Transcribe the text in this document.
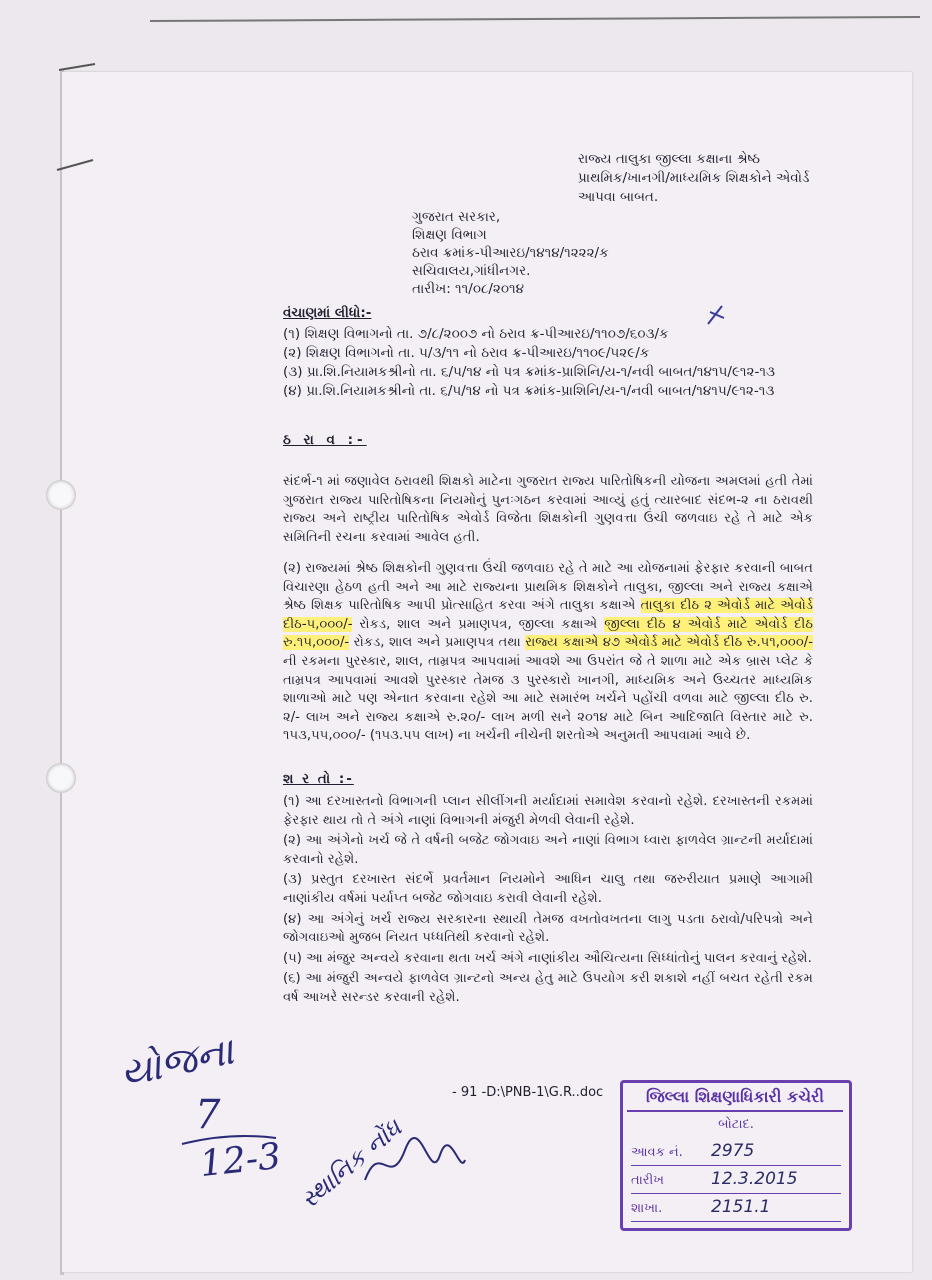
રાજ્ય તાલુકા જીલ્લા કક્ષાના શ્રેષ્ઠ
પ્રાથમિક/ખાનગી/માધ્યમિક શિક્ષકોને એવોર્ડ
આપવા બાબત.
ગુજરાત સરકાર,
શિક્ષણ વિભાગ
ઠરાવ ક્રમાંક-પીઆરઇ/૧૪૧૪/૧૨૨૨/ક
સચિવાલય,ગાંધીનગર.
તારીખ: ૧૧/૦૮/૨૦૧૪
વંચાણમાં લીધો:-
(૧) શિક્ષણ વિભાગનો તા. ૭/૮/૨૦૦૭ નો ઠરાવ ક્ર-પીઆરઇ/૧૧૦૭/૬૦૩/ક
(૨) શિક્ષણ વિભાગનો તા. ૫/૩/૧૧ નો ઠરાવ ક્ર-પીઆરઇ/૧૧૦૯/૫૨૯/ક
(૩) પ્રા.શિ.નિયામકશ્રીનો તા. ૬/૫/૧૪ નો પત્ર ક્રમાંક-પ્રાશિનિ/ય-૧/નવી બાબત/૧૪૧૫/૯૧૨-૧૩
(૪) પ્રા.શિ.નિયામકશ્રીનો તા. ૬/૫/૧૪ નો પત્ર ક્રમાંક-પ્રાશિનિ/ય-૧/નવી બાબત/૧૪૧૫/૯૧૨-૧૩
ઠ રા વ :-
સંદર્ભ-૧ માં જણાવેલ ઠરાવથી શિક્ષકો માટેના ગુજરાત રાજ્ય પારિતોષિકની યોજના અમલમાં હતી તેમાં ગુજરાત રાજ્ય પારિતોષિકના નિયમોનું પુનઃગઠન કરવામાં આવ્યું હતું ત્યારબાદ સંદભ-૨ ના ઠરાવથી રાજ્ય અને રાષ્ટ્રીય પારિતોષિક એવોર્ડ વિજેતા શિક્ષકોની ગુણવત્તા ઉંચી જળવાઇ રહે તે માટે એક સમિતિની રચના કરવામાં આવેલ હતી.
(૨) રાજ્યમાં શ્રેષ્ઠ શિક્ષકોની ગુણવત્તા ઉંચી જળવાઇ રહે તે માટે આ યોજનામાં ફેરફાર કરવાની બાબત વિચારણા હેઠળ હતી અને આ માટે રાજ્યના પ્રાથમિક શિક્ષકોને તાલુકા, જીલ્લા અને રાજ્ય કક્ષાએ શ્રેષ્ઠ શિક્ષક પારિતોષિક આપી પ્રોત્સાહિત કરવા અંગે તાલુકા કક્ષાએ તાલુકા દીઠ ૨ એવોર્ડ માટે એવોર્ડ દીઠ-૫,૦૦૦/- રોકડ, શાલ અને પ્રમાણપત્ર, જીલ્લા કક્ષાએ જીલ્લા દીઠ ૪ એવોર્ડ માટે એવોર્ડ દીઠ રુ.૧૫,૦૦૦/- રોકડ, શાલ અને પ્રમાણપત્ર તથા રાજ્ય કક્ષાએ ૪૭ એવોર્ડ માટે એવોર્ડ દીઠ રુ.૫૧,૦૦૦/- ની રકમના પુરસ્કાર, શાલ, તામ્રપત્ર આપવામાં આવશે આ ઉપરાંત જે તે શાળા માટે એક બ્રાસ પ્લેટ કે તામ્રપત્ર આપવામાં આવશે પુરસ્કાર તેમજ ૩ પુરસ્કારો ખાનગી, માધ્યમિક અને ઉચ્ચતર માધ્યમિક શાળાઓ માટે પણ એનાત કરવાના રહેશે આ માટે સમારંભ ખર્ચને પહોંચી વળવા માટે જીલ્લા દીઠ રુ. ૨/- લાખ અને રાજ્ય કક્ષાએ રુ.૨૦/- લાખ મળી સને ૨૦૧૪ માટે બિન આદિજાતિ વિસ્તાર માટે રુ. ૧૫૩,૫૫,૦૦૦/- (૧૫૩.૫૫ લાખ) ના ખર્ચની નીચેની શરતોએ અનુમતી આપવામાં આવે છે.
શ ર તો :-

(૧) આ દરખાસ્તનો વિભાગની પ્લાન સીલીંગની મર્યાદામાં સમાવેશ કરવાનો રહેશે. દરખાસ્તની રકમમાં ફેરફાર થાય તો તે અંગે નાણાં વિભાગની મંજુરી મેળવી લેવાની રહેશે.

(૨) આ અંગેનો ખર્ચ જે તે વર્ષની બજેટ જોગવાઇ અને નાણાં વિભાગ ધ્વારા ફાળવેલ ગ્રાન્ટની મર્યાદામાં કરવાનો રહેશે.

(૩) પ્રસ્તુત દરખાસ્ત સંદર્ભે પ્રવર્તમાન નિયમોને આધિન ચાલુ તથા જરુરીયાત પ્રમાણે આગામી નાણાંકીય વર્ષમાં પર્યાપ્ત બજેટ જોગવાઇ કરાવી લેવાની રહેશે.

(૪) આ અંગેનું ખર્ચ રાજ્ય સરકારના સ્થાયી તેમજ વખતોવખતના લાગુ પડતા ઠરાવો/પરિપત્રો અને જોગવાઇઓ મુજબ નિયત પધ્ધતિથી કરવાનો રહેશે.

(૫) આ મંજુર અન્વયે કરવાના થતા ખર્ચ અંગે નાણાંકીય ઔચિત્યના સિધ્ધાંતોનું પાલન કરવાનું રહેશે.

(૬) આ મંજુરી અન્વયે ફાળવેલ ગ્રાન્ટનો અન્ય હેતુ માટે ઉપયોગ કરી શકાશે નહીં બચત રહેતી રકમ વર્ષ આખરે સરન્ડર કરવાની રહેશે.

- 91 -D:\PNB-1\G.R..doc	જિલ્લા શિક્ષણાધિકારી કચેરી
બોટાદ.
આવક નં. 2975
તારીખ	12.3.2015
શાખા.	2151.1
યોજના
7
12-3 સ્થાનિક નોંધ
